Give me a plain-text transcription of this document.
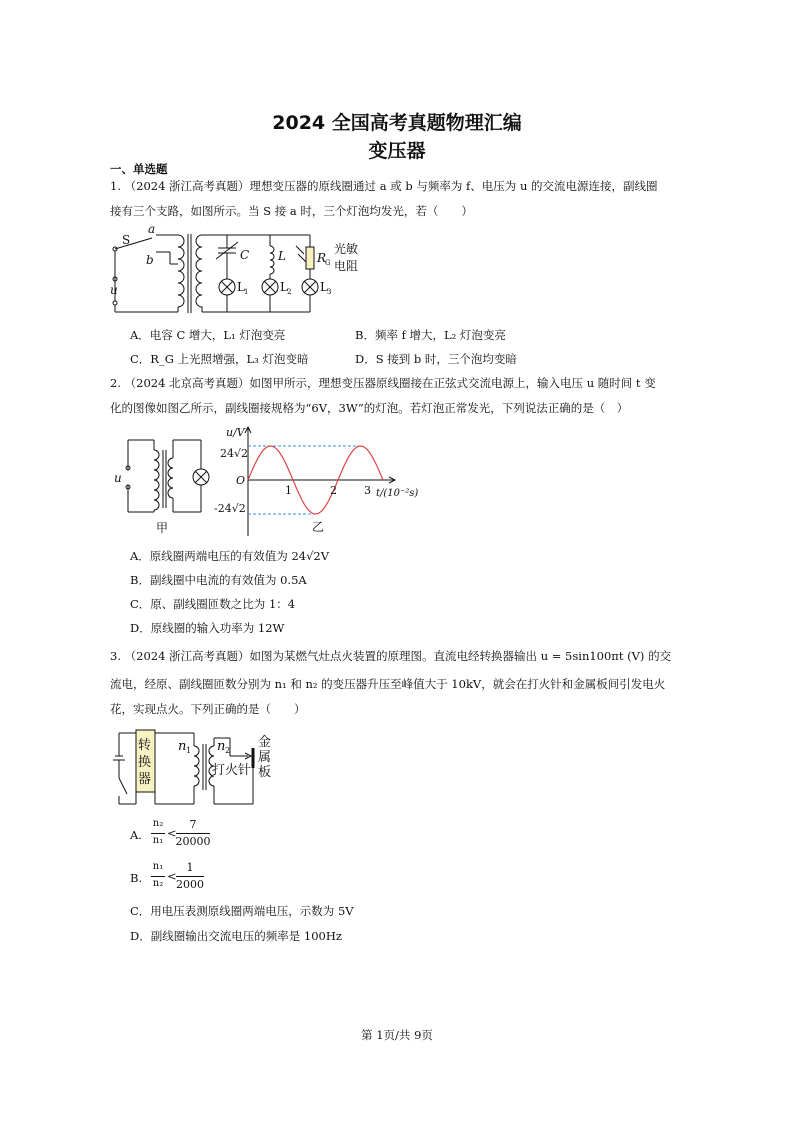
2024 全国高考真题物理汇编
变压器
一、单选题
1. （2024 浙江高考真题）理想变压器的原线圈通过 a 或 b 与频率为 f、电压为 u 的交流电源连接，副线圈
接有三个支路，如图所示。当 S 接 a 时，三个灯泡均发光，若（　　）
S
a
b
u
C L	R
G
光敏
电阻
L 1	L 2 L 3
A．电容 C 增大，L₁ 灯泡变亮	B．频率 f 增大，L₂ 灯泡变亮
C．R_G 上光照增强，L₃ 灯泡变暗	D．S 接到 b 时，三个泡均变暗
2. （2024 北京高考真题）如图甲所示，理想变压器原线圈接在正弦式交流电源上，输入电压 u 随时间 t 变
化的图像如图乙所示，副线圈接规格为“6V，3W”的灯泡。若灯泡正常发光，下列说法正确的是（　）
u
甲
u/V
24√2
-24√2
O
1	2 3 t/(10⁻²s)
乙
A．原线圈两端电压的有效值为 24√2V
B．副线圈中电流的有效值为 0.5A
C．原、副线圈匝数之比为 1：4
D．原线圈的输入功率为 12W
3. （2024 浙江高考真题）如图为某燃气灶点火装置的原理图。直流电经转换器输出 u = 5sin100πt (V) 的交
流电，经原、副线圈匝数分别为 n₁ 和 n₂ 的变压器升压至峰值大于 10kV，就会在打火针和金属板间引发电火
花，实现点火。下列正确的是（　　）
转
换
器
n 1 n 2
打火针
金
属
板
A.
n₂
n₁
<
7
20000
B.
n₁
n₂
<
1
2000
C．用电压表测原线圈两端电压，示数为 5V
D．副线圈输出交流电压的频率是 100Hz
第 1页/共 9页
